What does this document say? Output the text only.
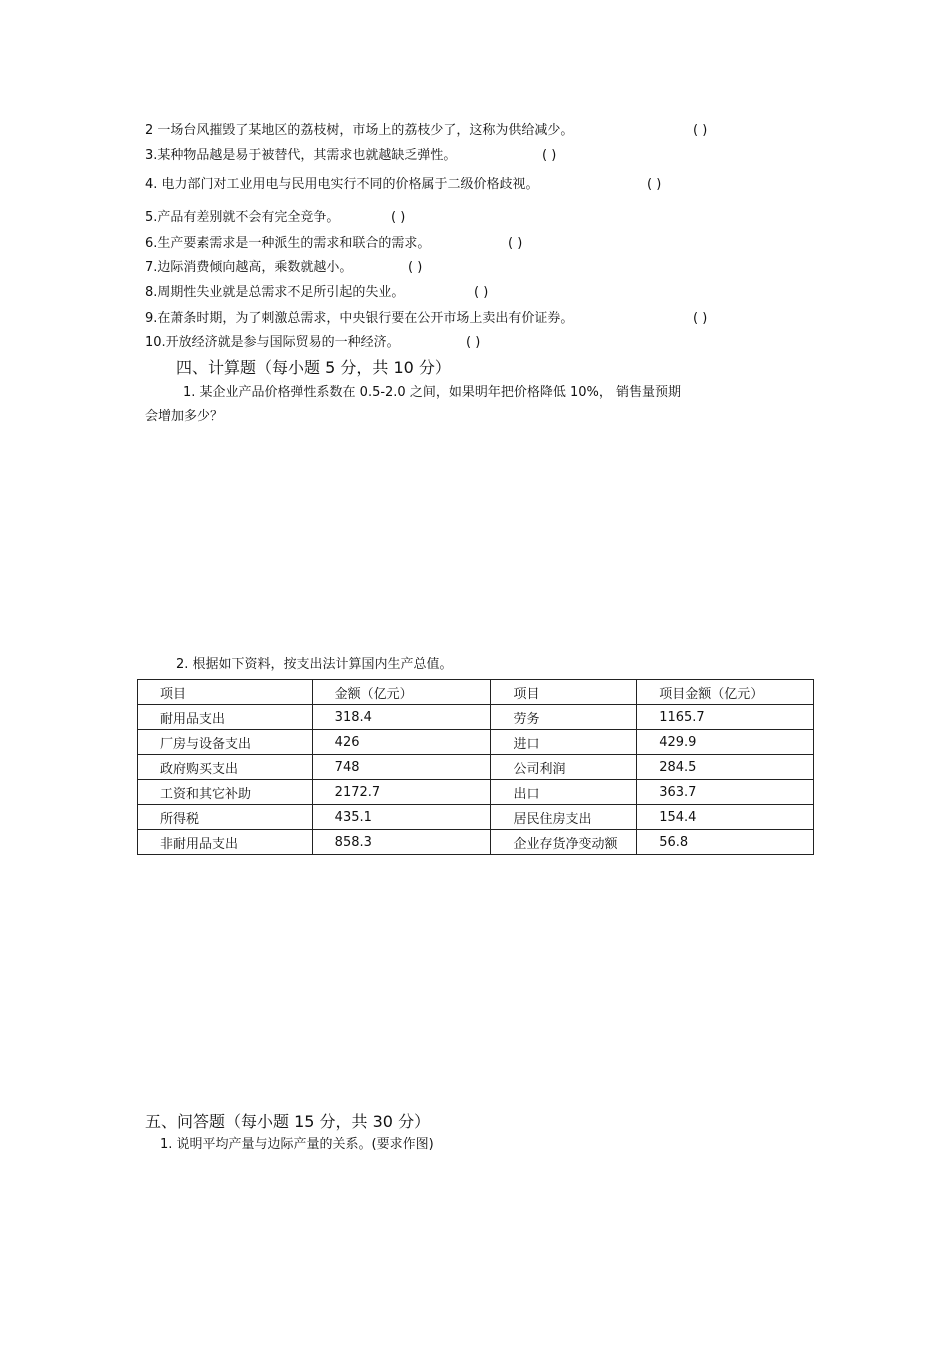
2 一场台风摧毁了某地区的荔枝树，市场上的荔枝少了，这称为供给减少。	( )
3.某种物品越是易于被替代，其需求也就越缺乏弹性。	( )
4. 电力部门对工业用电与民用电实行不同的价格属于二级价格歧视。	( )
5.产品有差别就不会有完全竞争。	( )
6.生产要素需求是一种派生的需求和联合的需求。	( )
7.边际消费倾向越高，乘数就越小。	( )
8.周期性失业就是总需求不足所引起的失业。	( )
9.在萧条时期，为了刺激总需求，中央银行要在公开市场上卖出有价证券。	( )
10.开放经济就是参与国际贸易的一种经济。	( )
四、计算题（每小题 5 分，共 10 分）
1. 某企业产品价格弹性系数在 0.5-2.0 之间，如果明年把价格降低 10%， 销售量预期
会增加多少？
2. 根据如下资料，按支出法计算国内生产总值。
项目	金额（亿元）	项目	项目金额（亿元）
耐用品支出	318.4	劳务	1165.7
厂房与设备支出	426	进口	429.9
政府购买支出	748	公司利润	284.5
工资和其它补助	2172.7	出口	363.7
所得税	435.1	居民住房支出	154.4
非耐用品支出	858.3	企业存货净变动额	56.8
五、问答题（每小题 15 分，共 30 分）
1. 说明平均产量与边际产量的关系。(要求作图)
